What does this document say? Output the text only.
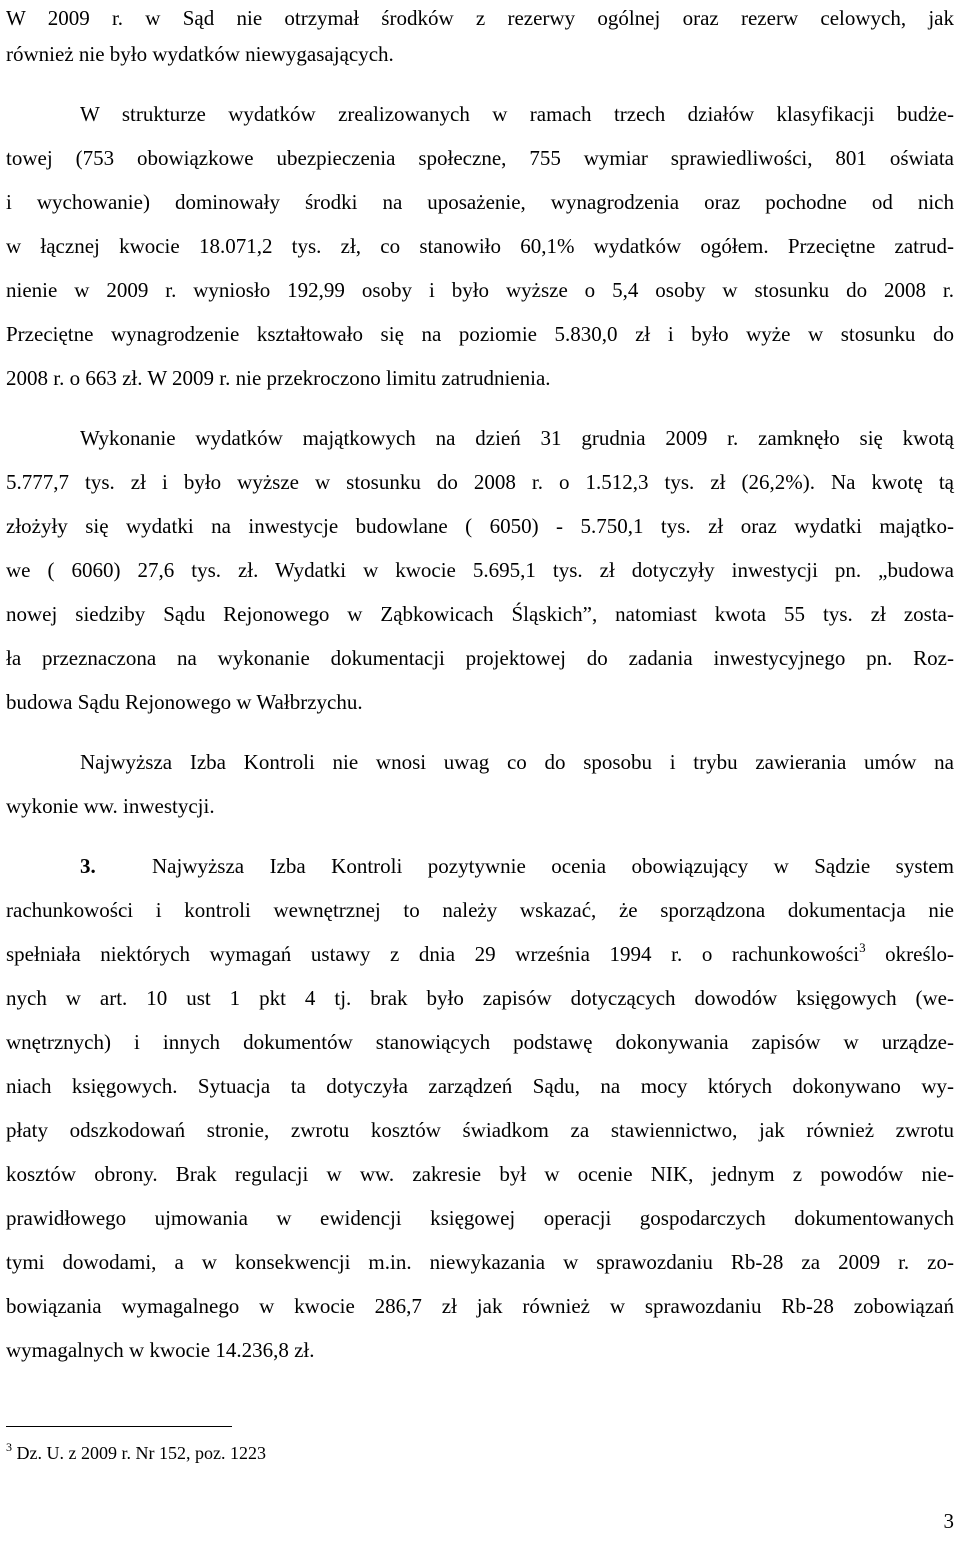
W 2009 r. w Sąd nie otrzymał środków z rezerwy ogólnej oraz rezerw celowych, jak
również nie było wydatków niewygasających.
W strukturze wydatków zrealizowanych w ramach trzech działów klasyfikacji budże-
towej (753 obowiązkowe ubezpieczenia społeczne, 755 wymiar sprawiedliwości, 801 oświata
i wychowanie) dominowały środki na uposażenie, wynagrodzenia oraz pochodne od nich
w łącznej kwocie 18.071,2 tys. zł, co stanowiło 60,1% wydatków ogółem. Przeciętne zatrud-
nienie w 2009 r. wyniosło 192,99 osoby i było wyższe o 5,4 osoby w stosunku do 2008 r.
Przeciętne wynagrodzenie kształtowało się na poziomie 5.830,0 zł i było wyże w stosunku do
2008 r. o 663 zł. W 2009 r. nie przekroczono limitu zatrudnienia.
Wykonanie wydatków majątkowych na dzień 31 grudnia 2009 r. zamknęło się kwotą
5.777,7 tys. zł i było wyższe w stosunku do 2008 r. o 1.512,3 tys. zł (26,2%). Na kwotę tą
złożyły się wydatki na inwestycje budowlane ( 6050) - 5.750,1 tys. zł oraz wydatki majątko-
we ( 6060) 27,6 tys. zł. Wydatki w kwocie 5.695,1 tys. zł dotyczyły inwestycji pn. „budowa
nowej siedziby Sądu Rejonowego w Ząbkowicach Śląskich”, natomiast kwota 55 tys. zł zosta-
ła przeznaczona na wykonanie dokumentacji projektowej do zadania inwestycyjnego pn. Roz-
budowa Sądu Rejonowego w Wałbrzychu.
Najwyższa Izba Kontroli nie wnosi uwag co do sposobu i trybu zawierania umów na
wykonie ww. inwestycji.
3.	Najwyższa Izba Kontroli pozytywnie ocenia obowiązujący w Sądzie system
rachunkowości i kontroli wewnętrznej to należy wskazać, że sporządzona dokumentacja nie
spełniała niektórych wymagań ustawy z dnia 29 września 1994 r. o rachunkowości$^3$ określo-
nych w art. 10 ust 1 pkt 4 tj. brak było zapisów dotyczących dowodów księgowych (we-
wnętrznych) i innych dokumentów stanowiących podstawę dokonywania zapisów w urządze-
niach księgowych. Sytuacja ta dotyczyła zarządzeń Sądu, na mocy których dokonywano wy-
płaty odszkodowań stronie, zwrotu kosztów świadkom za stawiennictwo, jak również zwrotu
kosztów obrony. Brak regulacji w ww. zakresie był w ocenie NIK, jednym z powodów nie-
prawidłowego ujmowania w ewidencji księgowej operacji gospodarczych dokumentowanych
tymi dowodami, a w konsekwencji m.in. niewykazania w sprawozdaniu Rb-28 za 2009 r. zo-
bowiązania wymagalnego w kwocie 286,7 zł jak również w sprawozdaniu Rb-28 zobowiązań
wymagalnych w kwocie 14.236,8 zł.
$^3$ Dz. U. z 2009 r. Nr 152, poz. 1223
3
